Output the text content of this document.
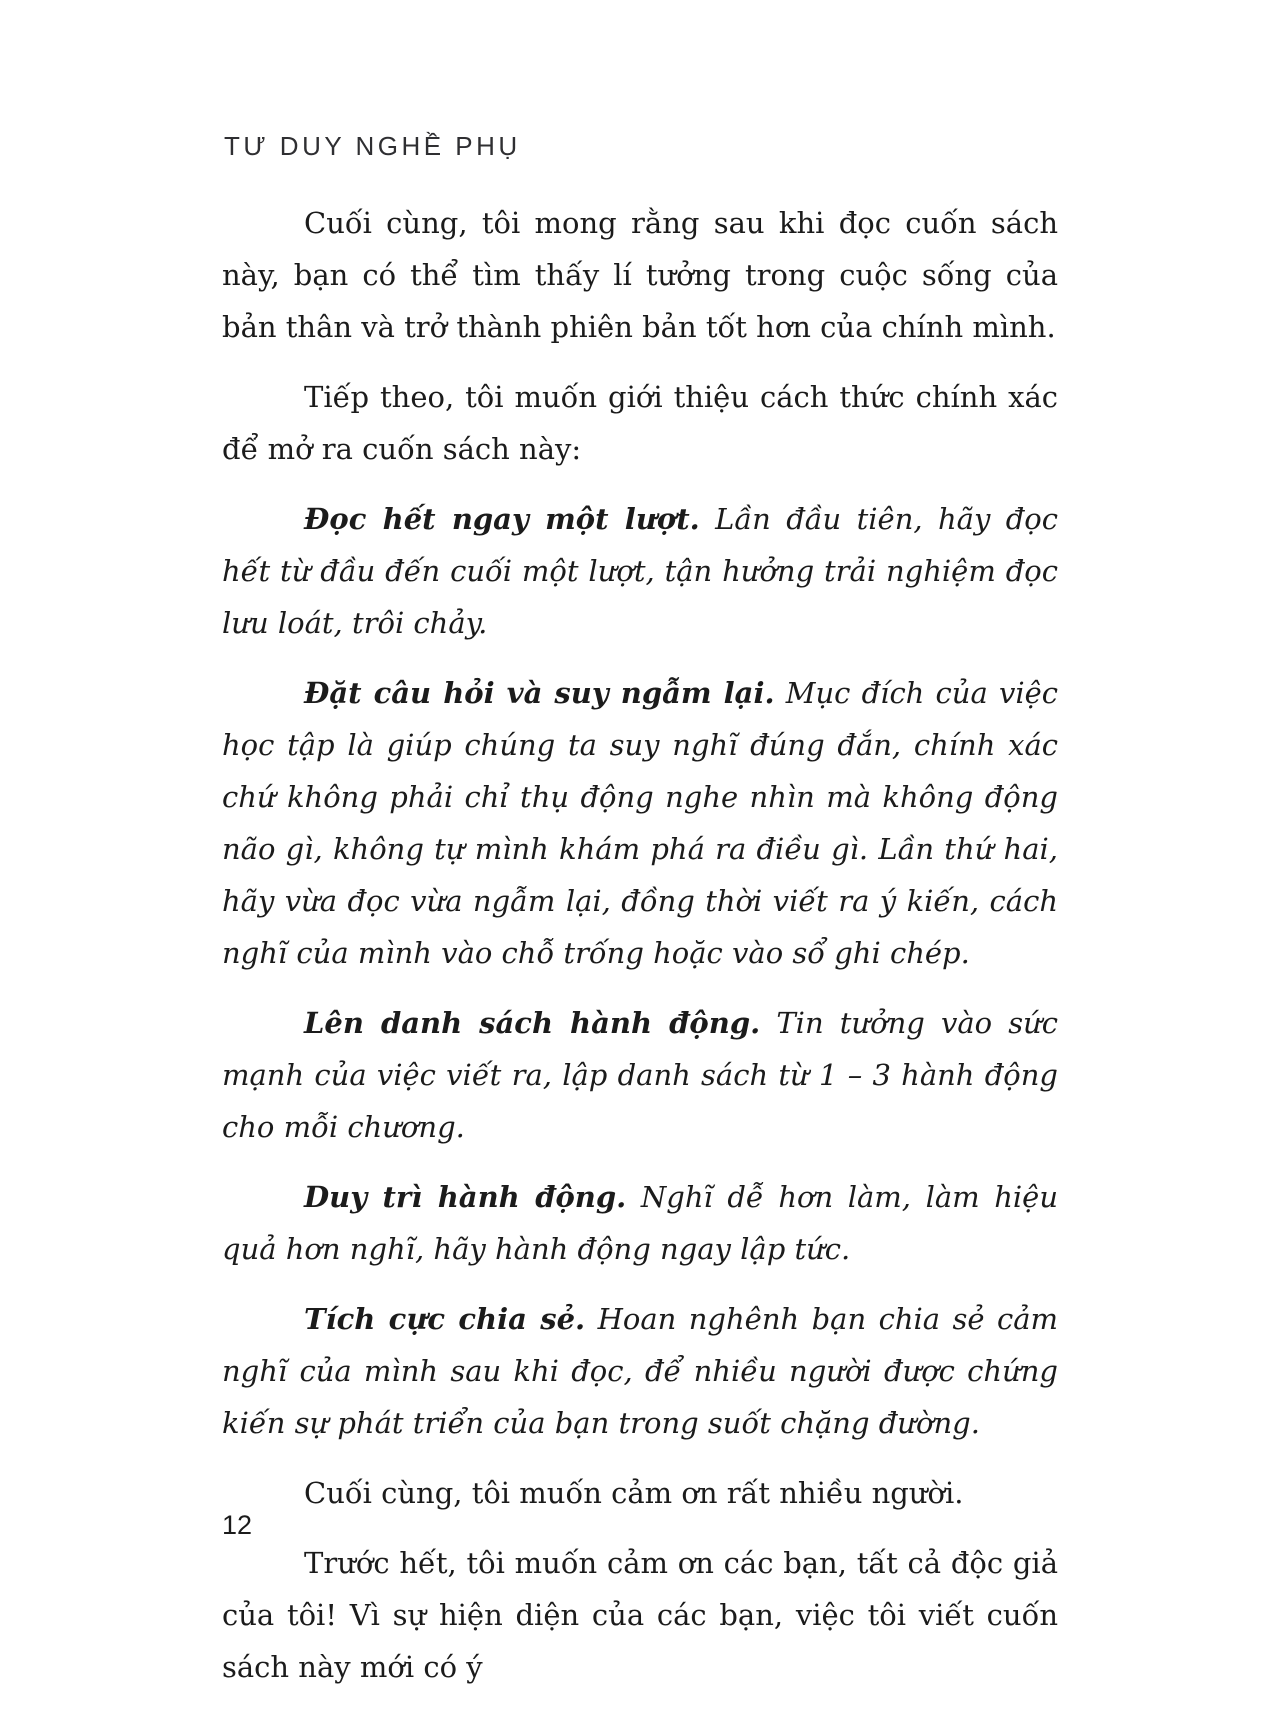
TƯ DUY NGHỀ PHỤ

Cuối cùng, tôi mong rằng sau khi đọc cuốn sách này, bạn có thể tìm thấy lí tưởng trong cuộc sống của bản thân và trở thành phiên bản tốt hơn của chính mình.

Tiếp theo, tôi muốn giới thiệu cách thức chính xác để mở ra cuốn sách này:

Đọc hết ngay một lượt. Lần đầu tiên, hãy đọc hết từ đầu đến cuối một lượt, tận hưởng trải nghiệm đọc lưu loát, trôi chảy.

Đặt câu hỏi và suy ngẫm lại. Mục đích của việc học tập là giúp chúng ta suy nghĩ đúng đắn, chính xác chứ không phải chỉ thụ động nghe nhìn mà không động não gì, không tự mình khám phá ra điều gì. Lần thứ hai, hãy vừa đọc vừa ngẫm lại, đồng thời viết ra ý kiến, cách nghĩ của mình vào chỗ trống hoặc vào sổ ghi chép.

Lên danh sách hành động. Tin tưởng vào sức mạnh của việc viết ra, lập danh sách từ 1 – 3 hành động cho mỗi chương.

Duy trì hành động. Nghĩ dễ hơn làm, làm hiệu quả hơn nghĩ, hãy hành động ngay lập tức.

Tích cực chia sẻ. Hoan nghênh bạn chia sẻ cảm nghĩ của mình sau khi đọc, để nhiều người được chứng kiến sự phát triển của bạn trong suốt chặng đường.

Cuối cùng, tôi muốn cảm ơn rất nhiều người.

Trước hết, tôi muốn cảm ơn các bạn, tất cả độc giả của tôi! Vì sự hiện diện của các bạn, việc tôi viết cuốn sách này mới có ý

12
